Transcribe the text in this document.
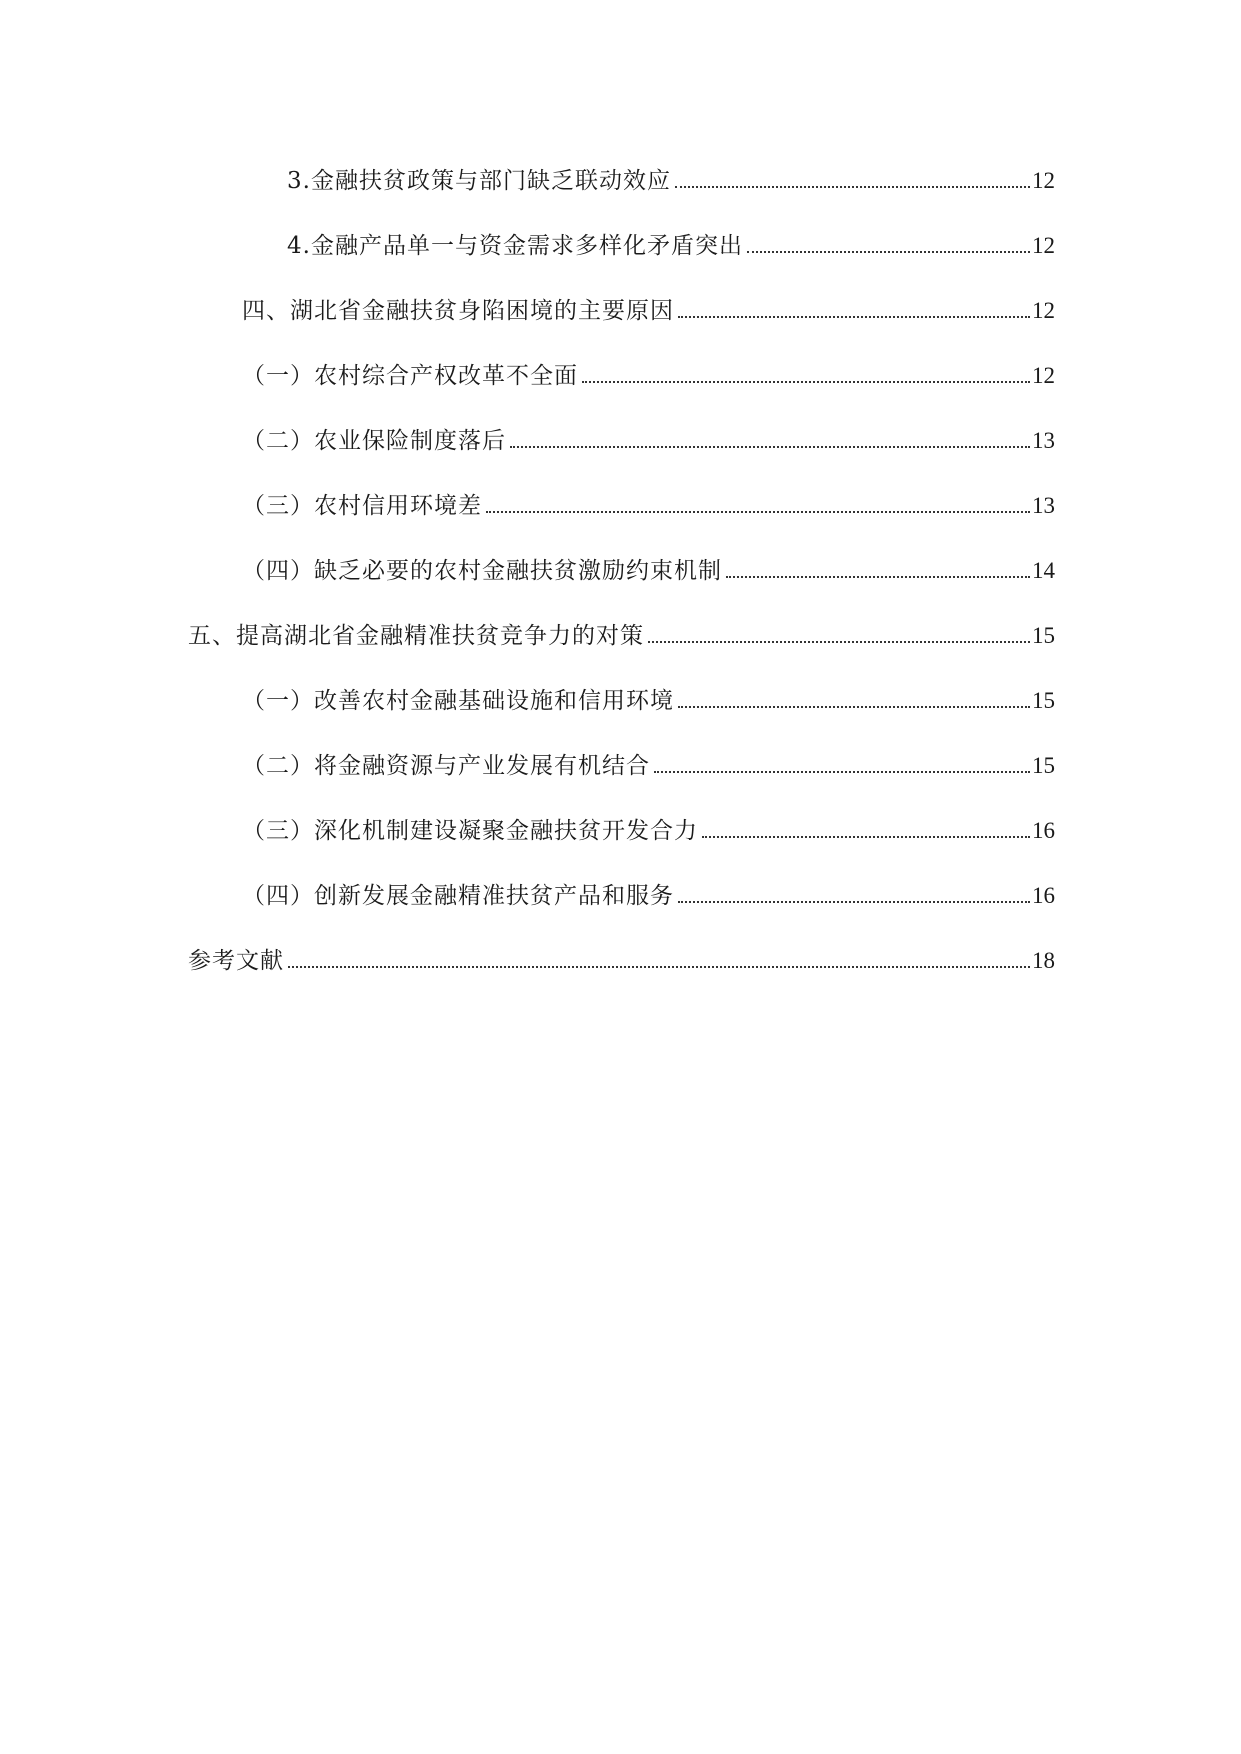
3.金融扶贫政策与部门缺乏联动效应	12
4.金融产品单一与资金需求多样化矛盾突出	12
四、湖北省金融扶贫身陷困境的主要原因	12
（一）农村综合产权改革不全面	12
（二）农业保险制度落后	13
（三）农村信用环境差	13
（四）缺乏必要的农村金融扶贫激励约束机制	14
五、提高湖北省金融精准扶贫竞争力的对策	15
（一）改善农村金融基础设施和信用环境	15
（二）将金融资源与产业发展有机结合	15
（三）深化机制建设凝聚金融扶贫开发合力	16
（四）创新发展金融精准扶贫产品和服务	16
参考文献	18
